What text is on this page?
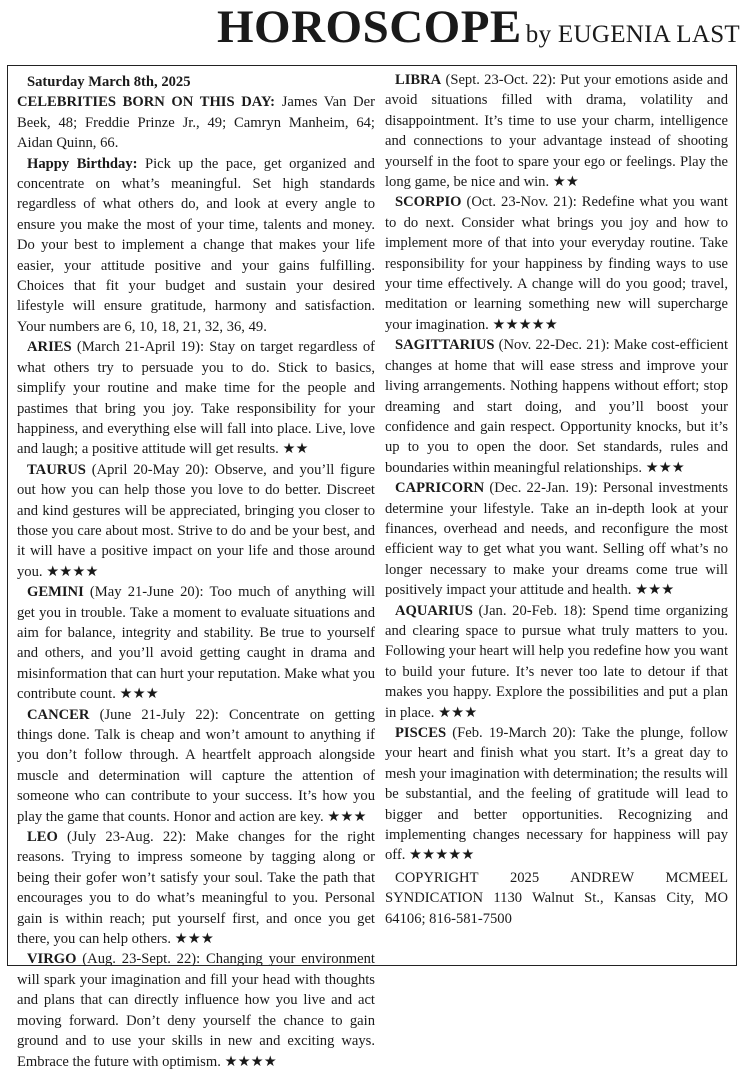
HOROSCOPE by EUGENIA LAST

Saturday March 8th, 2025

CELEBRITIES BORN ON THIS DAY: James Van Der Beek, 48; Freddie Prinze Jr., 49; Camryn Manheim, 64; Aidan Quinn, 66.

Happy Birthday: Pick up the pace, get organized and concentrate on what’s meaningful. Set high standards regardless of what others do, and look at every angle to ensure you make the most of your time, talents and money. Do your best to implement a change that makes your life easier, your attitude positive and your gains fulfilling. Choices that fit your budget and sustain your desired lifestyle will ensure gratitude, harmony and satisfaction. Your numbers are 6, 10, 18, 21, 32, 36, 49.

ARIES (March 21-April 19): Stay on target regardless of what others try to persuade you to do. Stick to basics, simplify your routine and make time for the people and pastimes that bring you joy. Take responsibility for your happiness, and everything else will fall into place. Live, love and laugh; a positive attitude will get results. ★★

TAURUS (April 20-May 20): Observe, and you’ll figure out how you can help those you love to do better. Discreet and kind gestures will be appreciated, bringing you closer to those you care about most. Strive to do and be your best, and it will have a positive impact on your life and those around you. ★★★★

GEMINI (May 21-June 20): Too much of anything will get you in trouble. Take a moment to evaluate situations and aim for balance, integrity and stability. Be true to yourself and others, and you’ll avoid getting caught in drama and misinformation that can hurt your reputation. Make what you contribute count. ★★★

CANCER (June 21-July 22): Concentrate on getting things done. Talk is cheap and won’t amount to anything if you don’t follow through. A heartfelt approach alongside muscle and determination will capture the attention of someone who can contribute to your success. It’s how you play the game that counts. Honor and action are key. ★★★

LEO (July 23-Aug. 22): Make changes for the right reasons. Trying to impress someone by tagging along or being their gofer won’t satisfy your soul. Take the path that encourages you to do what’s meaningful to you. Personal gain is within reach; put yourself first, and once you get there, you can help others. ★★★

VIRGO (Aug. 23-Sept. 22): Changing your environment will spark your imagination and fill your head with thoughts and plans that can directly influence how you live and act moving forward. Don’t deny yourself the chance to gain ground and to use your skills in new and exciting ways. Embrace the future with optimism. ★★★★

LIBRA (Sept. 23-Oct. 22): Put your emotions aside and avoid situations filled with drama, volatility and disappointment. It’s time to use your charm, intelligence and connections to your advantage instead of shooting yourself in the foot to spare your ego or feelings. Play the long game, be nice and win. ★★

SCORPIO (Oct. 23-Nov. 21): Redefine what you want to do next. Consider what brings you joy and how to implement more of that into your everyday routine. Take responsibility for your happiness by finding ways to use your time effectively. A change will do you good; travel, meditation or learning something new will supercharge your imagination. ★★★★★

SAGITTARIUS (Nov. 22-Dec. 21): Make cost-efficient changes at home that will ease stress and improve your living arrangements. Nothing happens without effort; stop dreaming and start doing, and you’ll boost your confidence and gain respect. Opportunity knocks, but it’s up to you to open the door. Set standards, rules and boundaries within meaningful relationships. ★★★

CAPRICORN (Dec. 22-Jan. 19): Personal investments determine your lifestyle. Take an in-depth look at your finances, overhead and needs, and reconfigure the most efficient way to get what you want. Selling off what’s no longer necessary to make your dreams come true will positively impact your attitude and health. ★★★

AQUARIUS (Jan. 20-Feb. 18): Spend time organizing and clearing space to pursue what truly matters to you. Following your heart will help you redefine how you want to build your future. It’s never too late to detour if that makes you happy. Explore the possibilities and put a plan in place. ★★★

PISCES (Feb. 19-March 20): Take the plunge, follow your heart and finish what you start. It’s a great day to mesh your imagination with determination; the results will be substantial, and the feeling of gratitude will lead to bigger and better opportunities. Recognizing and implementing changes necessary for happiness will pay off. ★★★★★

COPYRIGHT 2025 ANDREW MCMEEL SYNDICATION 1130 Walnut St., Kansas City, MO 64106; 816-581-7500
